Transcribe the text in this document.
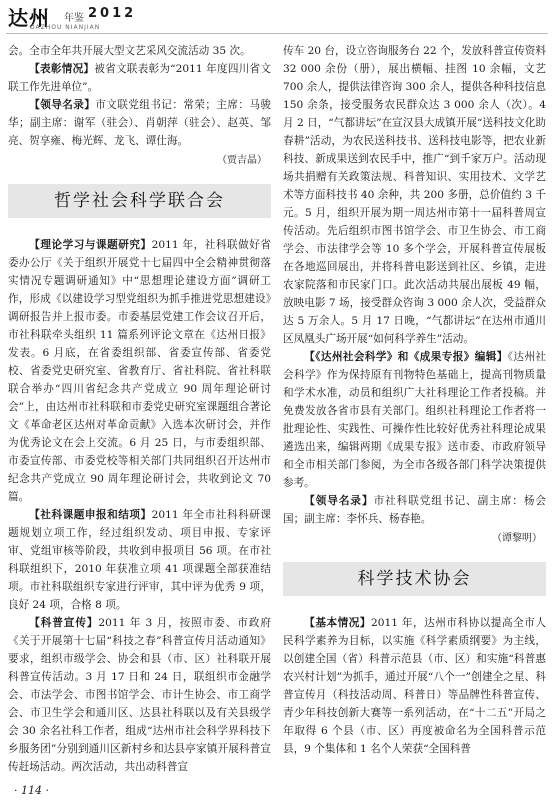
达州 年鉴 2012
DAZHOU NIANJIAN

会。全市全年共开展大型文艺采风交流活动 35 次。

【表彰情况】被省文联表彰为“2011 年度四川省文联工作先进单位”。

【领导名录】市文联党组书记：常荣；主席：马骏华；副主席：谢军（驻会）、肖朝萍（驻会）、赵英、邹亮、贺享雍、梅光辉、龙飞、谭仕海。

（贾吉晶）

哲学社会科学联合会

【理论学习与课题研究】2011 年，社科联做好省委办公厅《关于组织开展党十七届四中全会精神贯彻落实情况专题调研通知》中“思想理论建设方面”调研工作，形成《以建设学习型党组织为抓手推进党思想建设》调研报告并上报市委。市委基层党建工作会议召开后，市社科联牵头组织 11 篇系列评论文章在《达州日报》发表。6 月底，在省委组织部、省委宣传部、省委党校、省委党史研究室、省教育厅、省社科院、省社科联联合举办“四川省纪念共产党成立 90 周年理论研讨会”上，由达州市社科联和市委党史研究室课题组合著论文《革命老区达州对革命贡献》入选本次研讨会，并作为优秀论文在会上交流。6 月 25 日，与市委组织部、市委宣传部、市委党校等相关部门共同组织召开达州市纪念共产党成立 90 周年理论研讨会，共收到论文 70 篇。

【社科课题申报和结项】2011 年全市社科科研课题规划立项工作，经过组织发动、项目申报、专家评审、党组审核等阶段，共收到申报项目 56 项。在市社科联组织下，2010 年获准立项 41 项课题全部获准结项。市社科联组织专家进行评审，其中评为优秀 9 项，良好 24 项，合格 8 项。

【科普宣传】2011 年 3 月，按照市委、市政府《关于开展第十七届“科技之春”科普宣传月活动通知》要求，组织市级学会、协会和县（市、区）社科联开展科普宣传活动。3 月 17 日和 24 日，联组织市金融学会、市法学会、市图书馆学会、市计生协会、市工商学会、市卫生学会和通川区、达县社科联以及有关县级学会 30 余名社科工作者，组成“达州市社会科学界科技下乡服务团”分别到通川区新村乡和达县亭家镇开展科普宣传赶场活动。两次活动，共出动科普宣

传车 20 台，设立咨询服务台 22 个，发放科普宣传资料 32 000 余份（册），展出横幅、挂图 10 余幅，文艺 700 余人，提供法律咨询 300 余人，提供各种科技信息 150 余条，接受服务农民群众达 3 000 余人（次）。4 月 2 日，“气都讲坛”在宣汉县大成镇开展“送科技文化助春耕”活动，为农民送科技书、送科技电影等，把农业新科技、新成果送到农民手中，推广“到千家万户。活动现场共捐赠有关政策法规、科普知识、实用技术、文学艺术等方面科技书 40 余种，共 200 多册，总价值约 3 千元。5 月，组织开展为期一周达州市第十一届科普周宣传活动。先后组织市图书馆学会、市卫生协会、市工商学会、市法律学会等 10 多个学会，开展科普宣传展板在各地巡回展出，并将科普电影送到社区、乡镇，走进农家院落和市民家门口。此次活动共展出展板 49 幅，放映电影 7 场，接受群众咨询 3 000 余人次，受益群众达 5 万余人。5 月 17 日晚，“气都讲坛”在达州市通川区凤凰头广场开展“如何科学养生”活动。

【《达州社会科学》和《成果专报》编辑】《达州社会科学》作为保持原有刊物特色基础上，提高刊物质量和学术水准，动员和组织广大社科理论工作者投稿。并免费发放各省市县有关部门。组织社科理论工作者将一批理论性、实践性、可操作性比较好优秀社科理论成果遴选出来，编辑两期《成果专报》送市委、市政府领导和全市相关部门参阅，为全市各级各部门科学决策提供参考。

【领导名录】市社科联党组书记、副主席：杨会国；副主席：李怀兵、杨春艳。

（谭黎明）

科学技术协会

【基本情况】2011 年，达州市科协以提高全市人民科学素养为目标，以实施《科学素质纲要》为主线，以创建全国（省）科普示范县（市、区）和实施“科普惠农兴村计划”为抓手，通过开展“八个一”创建全之星、科普宣传月（科技活动周、科普日）等品牌性科普宣传、青少年科技创新大赛等一系列活动，在“十二五”开局之年取得 6 个县（市、区）再度被命名为全国科普示范县，9 个集体和 1 名个人荣获“全国科普

· 114 ·
